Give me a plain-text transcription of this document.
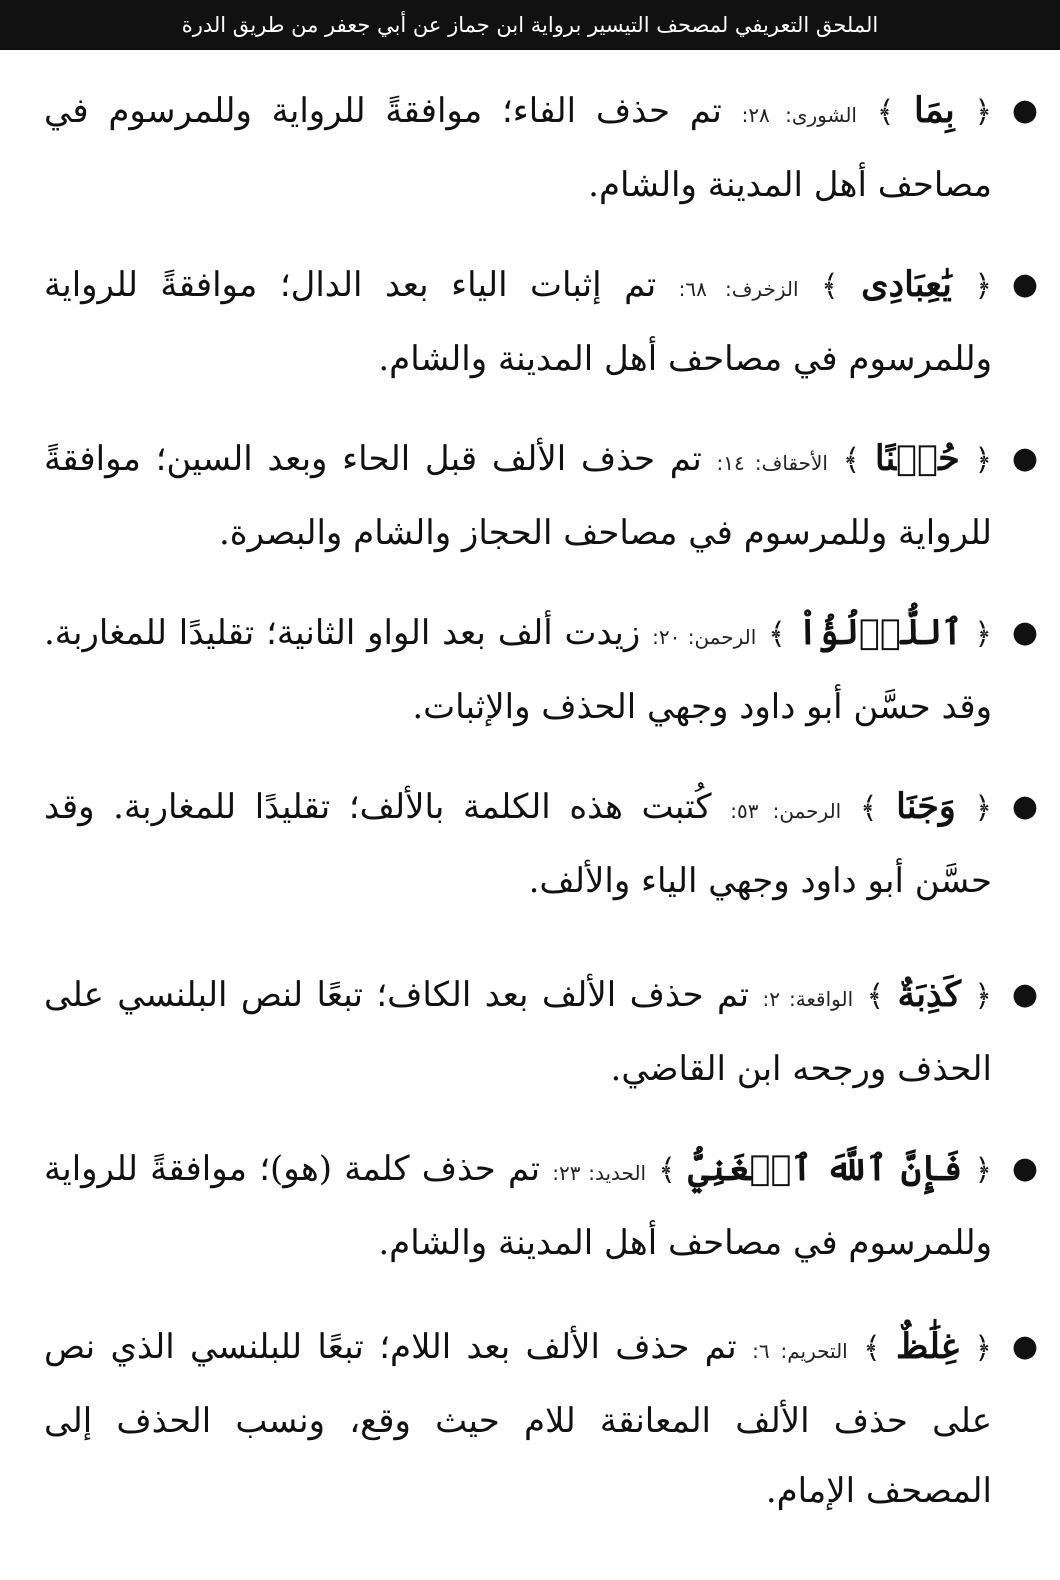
الملحق التعريفي لمصحف التيسير برواية ابن جماز عن أبي جعفر من طريق الدرة
●
﴿ بِمَا ﴾ الشورى: ٢٨: تم حذف الفاء؛ موافقةً للرواية وللمرسوم في مصاحف أهل المدينة والشام.
●
﴿ يَٰعِبَادِى ﴾ الزخرف: ٦٨: تم إثبات الياء بعد الدال؛ موافقةً للرواية وللمرسوم في مصاحف أهل المدينة والشام.
●
﴿ حُسۡنًا ﴾ الأحقاف: ١٤: تم حذف الألف قبل الحاء وبعد السين؛ موافقةً للرواية وللمرسوم في مصاحف الحجاز والشام والبصرة.
●
﴿ ٱللُّؤۡلُؤُاْ ﴾ الرحمن: ٢٠: زيدت ألف بعد الواو الثانية؛ تقليدًا للمغاربة. وقد حسَّن أبو داود وجهي الحذف والإثبات.
●
﴿ وَجَنَا ﴾ الرحمن: ٥٣: كُتبت هذه الكلمة بالألف؛ تقليدًا للمغاربة. وقد حسَّن أبو داود وجهي الياء والألف.
●
﴿ كَذِبَةٌ ﴾ الواقعة: ٢: تم حذف الألف بعد الكاف؛ تبعًا لنص البلنسي على الحذف ورجحه ابن القاضي.
●
﴿ فَإِنَّ ٱللَّهَ ٱلۡغَنِيُّ ﴾ الحديد: ٢٣: تم حذف كلمة (هو)؛ موافقةً للرواية وللمرسوم في مصاحف أهل المدينة والشام.
●
﴿ غِلَٰظٌ ﴾ التحريم: ٦: تم حذف الألف بعد اللام؛ تبعًا للبلنسي الذي نص على حذف الألف المعانقة للام حيث وقع، ونسب الحذف إلى المصحف الإمام.
